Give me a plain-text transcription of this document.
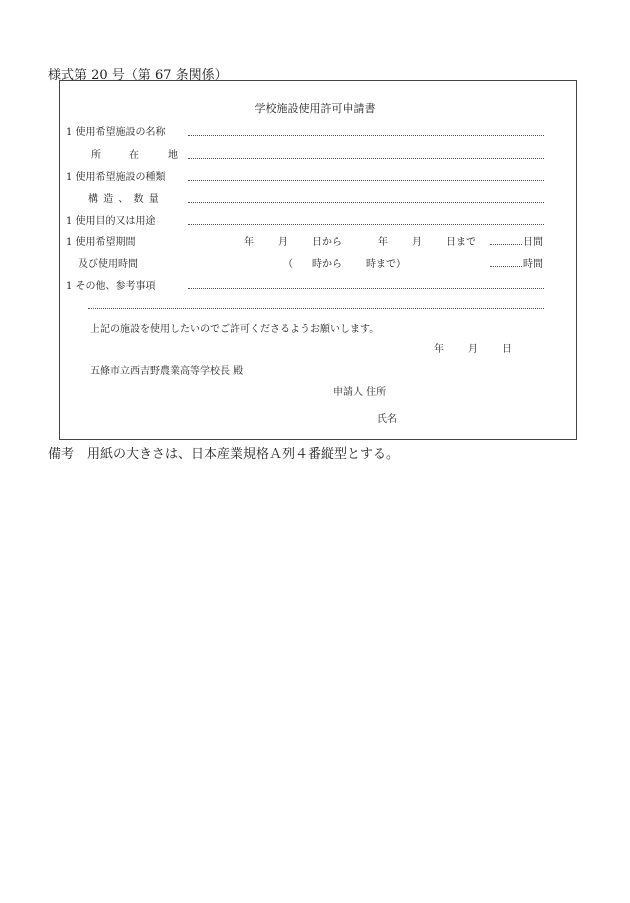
様式第 20 号（第 67 条関係）
学校施設使用許可申請書
1 使用希望施設の名称
所	在	地
1 使用希望施設の種類
構 造 、 数 量
1 使用目的又は用途
1 使用希望期間	年 月 日から	年 月 日まで	日間
及び使用時間	（ 時から 時まで）	時間
1 その他、参考事項
上記の施設を使用したいのでご許可くださるようお願いします。
年 月 日
五條市立西吉野農業高等学校長 殿
申請人 住所
氏名
備考　用紙の大きさは、日本産業規格Ａ列４番縦型とする。
